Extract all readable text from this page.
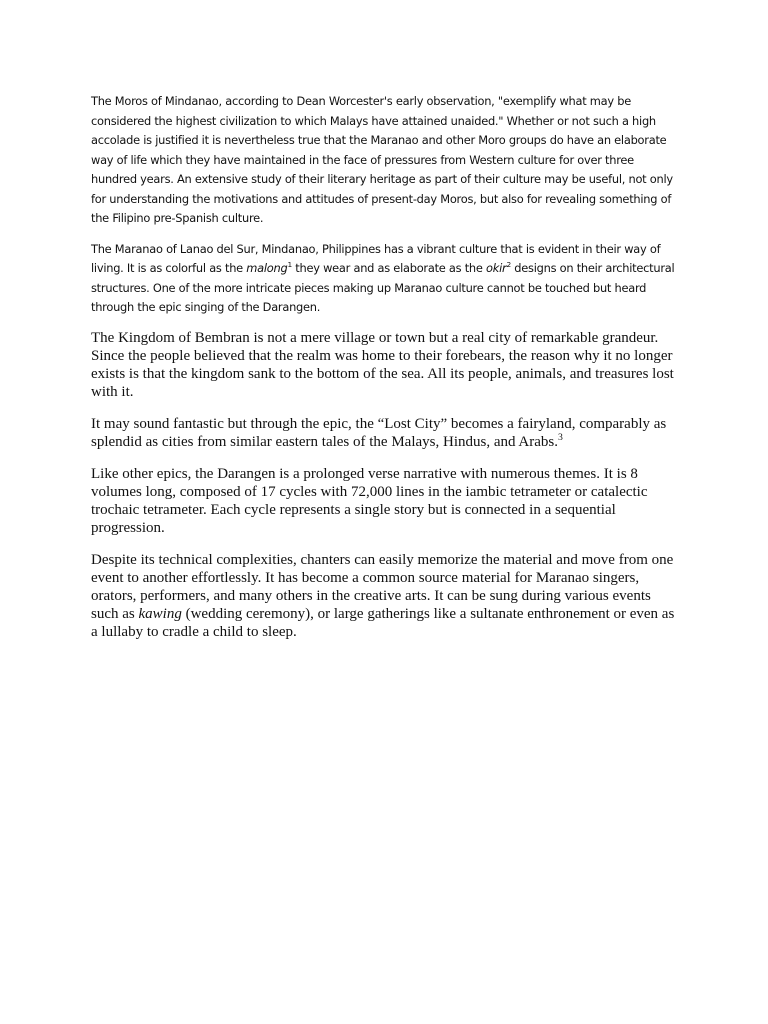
The Moros of Mindanao, according to Dean Worcester's early observation, "exemplify what may be considered the highest civilization to which Malays have attained unaided." Whether or not such a high accolade is justified it is nevertheless true that the Maranao and other Moro groups do have an elaborate way of life which they have maintained in the face of pressures from Western culture for over three hundred years. An extensive study of their literary heritage as part of their culture may be useful, not only for understanding the motivations and attitudes of present-day Moros, but also for revealing something of the Filipino pre-Spanish culture.

The Maranao of Lanao del Sur, Mindanao, Philippines has a vibrant culture that is evident in their way of living. It is as colorful as the malong$^1$ they wear and as elaborate as the okir$^2$ designs on their architectural structures. One of the more intricate pieces making up Maranao culture cannot be touched but heard through the epic singing of the Darangen.

The Kingdom of Bembran is not a mere village or town but a real city of remarkable grandeur. Since the people believed that the realm was home to their forebears, the reason why it no longer exists is that the kingdom sank to the bottom of the sea. All its people, animals, and treasures lost with it.

It may sound fantastic but through the epic, the “Lost City” becomes a fairyland, comparably as splendid as cities from similar eastern tales of the Malays, Hindus, and Arabs.$^3$

Like other epics, the Darangen is a prolonged verse narrative with numerous themes. It is 8 volumes long, composed of 17 cycles with 72,000 lines in the iambic tetrameter or catalectic trochaic tetrameter. Each cycle represents a single story but is connected in a sequential progression.

Despite its technical complexities, chanters can easily memorize the material and move from one event to another effortlessly. It has become a common source material for Maranao singers, orators, performers, and many others in the creative arts. It can be sung during various events such as kawing (wedding ceremony), or large gatherings like a sultanate enthronement or even as a lullaby to cradle a child to sleep.
